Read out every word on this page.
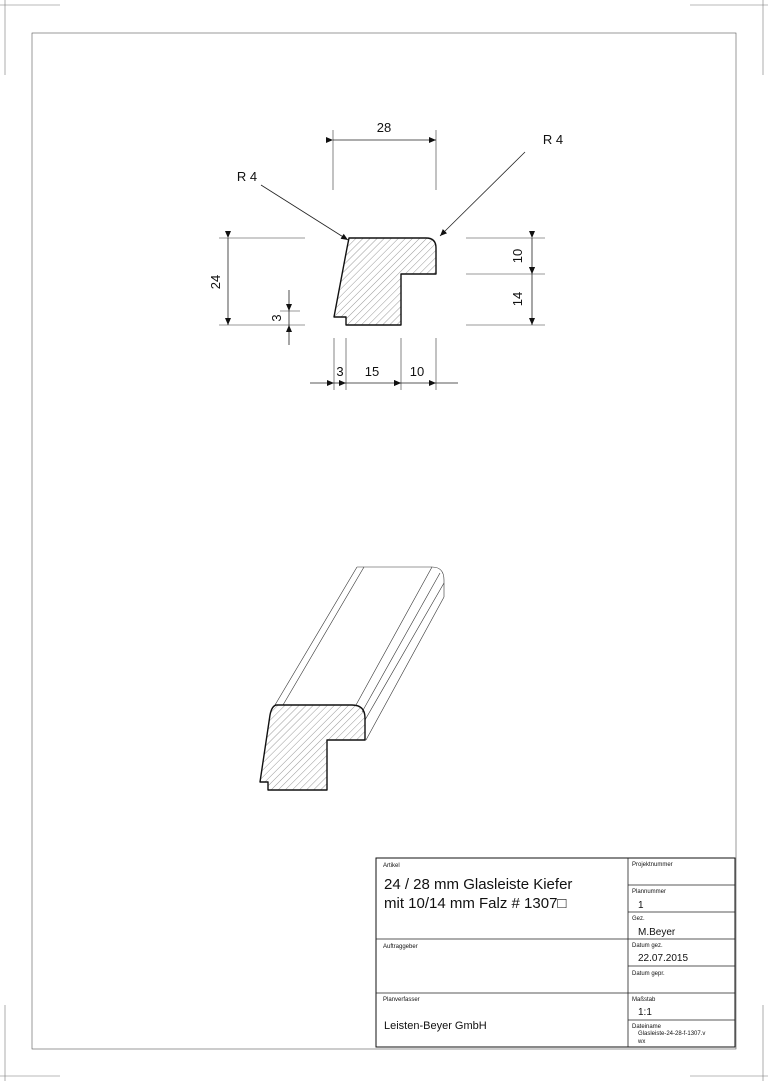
28
R 4
R 4
24
3
10
14
3 15 10
Artikel
24 / 28 mm Glasleiste Kiefer
mit 10/14 mm Falz # 1307□
Projektnummer
Plannummer
1
Gez.
M.Beyer
Auftraggeber	Datum gez.
22.07.2015
Datum gepr.
Planverfasser
Leisten-Beyer GmbH
Maßstab
1:1
Dateiname
Glasleiste-24-28-f-1307.v
wx
